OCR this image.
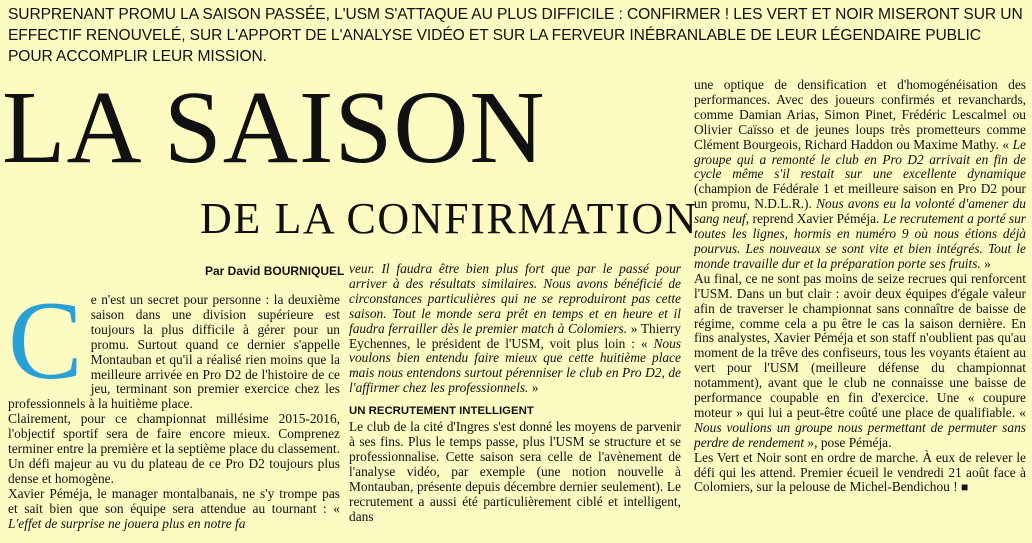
SURPRENANT PROMU LA SAISON PASSÉE, L'USM S'ATTAQUE AU PLUS DIFFICILE : CONFIRMER ! LES VERT ET NOIR MISERONT SUR UN EFFECTIF RENOUVELÉ, SUR L'APPORT DE L'ANALYSE VIDÉO ET SUR LA FERVEUR INÉBRANLABLE DE LEUR LÉGENDAIRE PUBLIC POUR ACCOMPLIR LEUR MISSION.
LA SAISON
DE LA CONFIRMATION
Par David BOURNIQUEL
C e n'est un secret pour personne : la deuxième saison dans une division supérieure est toujours la plus difficile à gérer pour un promu. Surtout quand ce dernier s'appelle Montauban et qu'il a réalisé rien moins que la meilleure arrivée en Pro D2 de l'histoire de ce jeu, terminant son premier exercice chez les professionnels à la huitième place.

Clairement, pour ce championnat millésime 2015-2016, l'objectif sportif sera de faire encore mieux. Comprenez terminer entre la première et la septième place du classement. Un défi majeur au vu du plateau de ce Pro D2 toujours plus dense et homogène.

Xavier Péméja, le manager montalbanais, ne s'y trompe pas et sait bien que son équipe sera attendue au tournant : « L'effet de surprise ne jouera plus en notre fa

veur. Il faudra être bien plus fort que par le passé pour arriver à des résultats similaires. Nous avons bénéficié de circonstances particulières qui ne se reproduiront pas cette saison. Tout le monde sera prêt en temps et en heure et il faudra ferrailler dès le premier match à Colomiers. » Thierry Eychennes, le président de l'USM, voit plus loin : « Nous voulons bien entendu faire mieux que cette huitième place mais nous entendons surtout pérenniser le club en Pro D2, de l'affirmer chez les professionnels. »

UN RECRUTEMENT INTELLIGENT

Le club de la cité d'Ingres s'est donné les moyens de parvenir à ses fins. Plus le temps passe, plus l'USM se structure et se professionnalise. Cette saison sera celle de l'avènement de l'analyse vidéo, par exemple (une notion nouvelle à Montauban, présente depuis décembre dernier seulement). Le recrutement a aussi été particulièrement ciblé et intelligent, dans

une optique de densification et d'homogénéisation des performances. Avec des joueurs confirmés et revanchards, comme Damian Arias, Simon Pinet, Frédéric Lescalmel ou Olivier Caïsso et de jeunes loups très prometteurs comme Clément Bourgeois, Richard Haddon ou Maxime Mathy. « Le groupe qui a remonté le club en Pro D2 arrivait en fin de cycle même s'il restait sur une excellente dynamique (champion de Fédérale 1 et meilleure saison en Pro D2 pour un promu, N.D.L.R.). Nous avons eu la volonté d'amener du sang neuf, reprend Xavier Péméja. Le recrutement a porté sur toutes les lignes, hormis en numéro 9 où nous étions déjà pourvus. Les nouveaux se sont vite et bien intégrés. Tout le monde travaille dur et la préparation porte ses fruits. »

Au final, ce ne sont pas moins de seize recrues qui renforcent l'USM. Dans un but clair : avoir deux équipes d'égale valeur afin de traverser le championnat sans connaître de baisse de régime, comme cela a pu être le cas la saison dernière. En fins analystes, Xavier Péméja et son staff n'oublient pas qu'au moment de la trêve des confiseurs, tous les voyants étaient au vert pour l'USM (meilleure défense du championnat notamment), avant que le club ne connaisse une baisse de performance coupable en fin d'exercice. Une « coupure moteur » qui lui a peut-être coûté une place de qualifiable. « Nous voulions un groupe nous permettant de permuter sans perdre de rendement », pose Péméja.

Les Vert et Noir sont en ordre de marche. À eux de relever le défi qui les attend. Premier écueil le vendredi 21 août face à Colomiers, sur la pelouse de Michel-Bendichou ! ■
